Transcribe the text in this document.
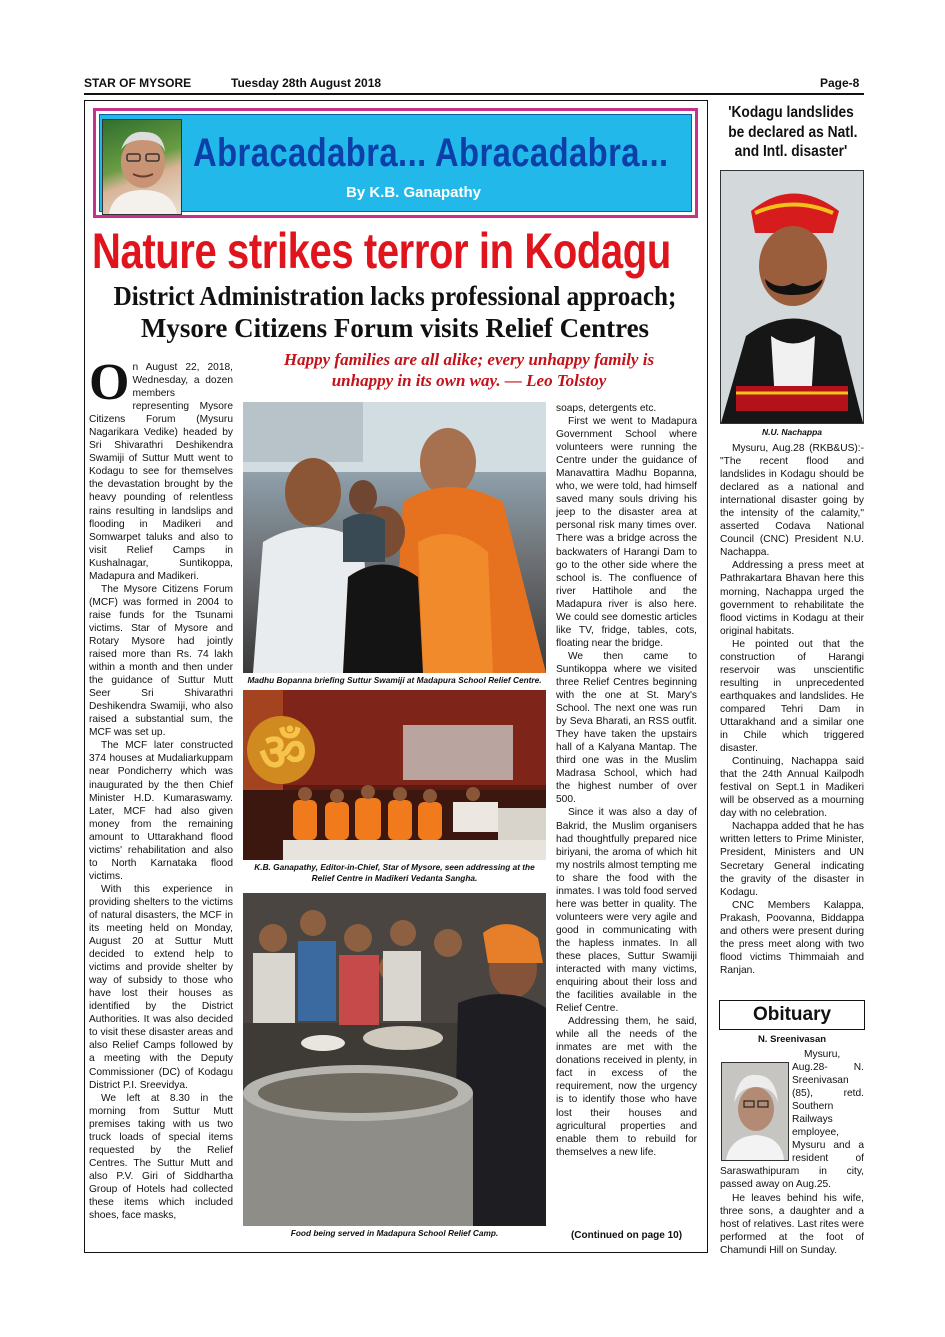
STAR OF MYSORE	Tuesday 28th August 2018	Page-8
Abracadabra... Abracadabra...
By K.B. Ganapathy
Nature strikes terror in Kodagu
District Administration lacks professional approach;
Mysore Citizens Forum visits Relief Centres
Happy families are all alike; every unhappy family is
unhappy in its own way. — Leo Tolstoy
O n August 22, 2018, Wednesday, a dozen members representing Mysore Citizens Forum (Mysuru Nagarikara Vedike) headed by Sri Shivarathri Deshikendra Swamiji of Suttur Mutt went to Kodagu to see for themselves the devastation brought by the heavy pounding of relentless rains resulting in landslips and flooding in Madikeri and Somwarpet taluks and also to visit Relief Camps in Kushalnagar, Suntikoppa, Madapura and Madikeri.

The Mysore Citizens Forum (MCF) was formed in 2004 to raise funds for the Tsunami victims. Star of Mysore and Rotary Mysore had jointly raised more than Rs. 74 lakh within a month and then under the guidance of Suttur Mutt Seer Sri Shivarathri Deshikendra Swamiji, who also raised a substantial sum, the MCF was set up.

The MCF later constructed 374 houses at Mudaliarkuppam near Pondicherry which was inaugurated by the then Chief Minister H.D. Kumaraswamy. Later, MCF had also given money from the remaining amount to Uttarakhand flood victims' rehabilitation and also to North Karnataka flood victims.

With this experience in providing shelters to the victims of natural disasters, the MCF in its meeting held on Monday, August 20 at Suttur Mutt decided to extend help to victims and provide shelter by way of subsidy to those who have lost their houses as identified by the District Authorities. It was also decided to visit these disaster areas and also Relief Camps followed by a meeting with the Deputy Commissioner (DC) of Kodagu District P.I. Sreevidya.

We left at 8.30 in the morning from Suttur Mutt premises taking with us two truck loads of special items requested by the Relief Centres. The Suttur Mutt and also P.V. Giri of Siddhartha Group of Hotels had collected these items which included shoes, face masks,

Madhu Bopanna briefing Suttur Swamiji at Madapura School Relief Centre.
ॐ
K.B. Ganapathy, Editor-in-Chief, Star of Mysore, seen addressing at the
Relief Centre in Madikeri Vedanta Sangha.
Food being served in Madapura School Relief Camp.

soaps, detergents etc.

First we went to Madapura Government School where volunteers were running the Centre under the guidance of Manavattira Madhu Bopanna, who, we were told, had himself saved many souls driving his jeep to the disaster area at personal risk many times over. There was a bridge across the backwaters of Harangi Dam to go to the other side where the school is. The confluence of river Hattihole and the Madapura river is also here. We could see domestic articles like TV, fridge, tables, cots, floating near the bridge.

We then came to Suntikoppa where we visited three Relief Centres beginning with the one at St. Mary's School. The next one was run by Seva Bharati, an RSS outfit. They have taken the upstairs hall of a Kalyana Mantap. The third one was in the Muslim Madrasa School, which had the highest number of over 500.

Since it was also a day of Bakrid, the Muslim organisers had thoughtfully prepared nice biriyani, the aroma of which hit my nostrils almost tempting me to share the food with the inmates. I was told food served here was better in quality. The volunteers were very agile and good in communicating with the hapless inmates. In all these places, Suttur Swamiji interacted with many victims, enquiring about their loss and the facilities available in the Relief Centre.

Addressing them, he said, while all the needs of the inmates are met with the donations received in plenty, in fact in excess of the requirement, now the urgency is to identify those who have lost their houses and agricultural properties and enable them to rebuild for themselves a new life.

(Continued on page 10)
'Kodagu landslides
be declared as Natl.
and Intl. disaster'
N.U. Nachappa

Mysuru, Aug.28 (RKB&US):- "The recent flood and landslides in Kodagu should be declared as a national and international disaster going by the intensity of the calamity," asserted Codava National Council (CNC) President N.U. Nachappa.

Addressing a press meet at Pathrakartara Bhavan here this morning, Nachappa urged the government to rehabilitate the flood victims in Kodagu at their original habitats.

He pointed out that the construction of Harangi reservoir was unscientific resulting in unprecedented earthquakes and landslides. He compared Tehri Dam in Uttarakhand and a similar one in Chile which triggered disaster.

Continuing, Nachappa said that the 24th Annual Kailpodh festival on Sept.1 in Madikeri will be observed as a mourning day with no celebration.

Nachappa added that he has written letters to Prime Minister, President, Ministers and UN Secretary General indicating the gravity of the disaster in Kodagu.

CNC Members Kalappa, Prakash, Poovanna, Biddappa and others were present during the press meet along with two flood victims Thimmaiah and Ranjan.

Obituary
N. Sreenivasan

Mysuru, Aug.28- N. Sreenivasan (85), retd. Southern Railways employee, Mysuru and a resident of Saraswathipuram in city, passed away on Aug.25.

He leaves behind his wife, three sons, a daughter and a host of relatives. Last rites were performed at the foot of Chamundi Hill on Sunday.
